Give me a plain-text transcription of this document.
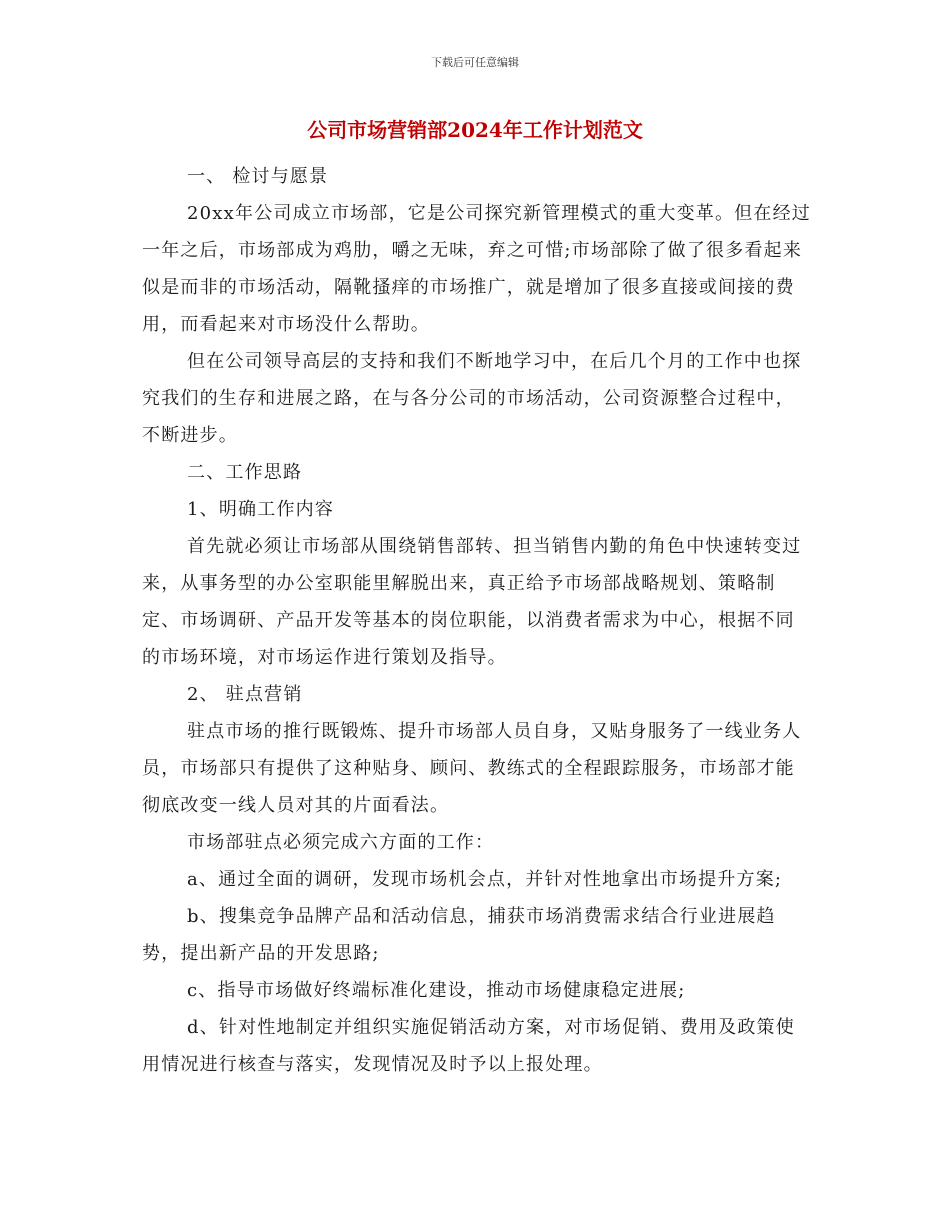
下载后可任意编辑
公司市场营销部2024年工作计划范文

一、 检讨与愿景

20xx年公司成立市场部，它是公司探究新管理模式的重大变革。但在经过一年之后，市场部成为鸡肋，嚼之无味，弃之可惜;市场部除了做了很多看起来似是而非的市场活动，隔靴搔痒的市场推广，就是增加了很多直接或间接的费用，而看起来对市场没什么帮助。

但在公司领导高层的支持和我们不断地学习中，在后几个月的工作中也探究我们的生存和进展之路，在与各分公司的市场活动，公司资源整合过程中，不断进步。

二、工作思路

1、明确工作内容

首先就必须让市场部从围绕销售部转、担当销售内勤的角色中快速转变过来，从事务型的办公室职能里解脱出来，真正给予市场部战略规划、策略制定、市场调研、产品开发等基本的岗位职能，以消费者需求为中心，根据不同的市场环境，对市场运作进行策划及指导。

2、 驻点营销

驻点市场的推行既锻炼、提升市场部人员自身，又贴身服务了一线业务人员，市场部只有提供了这种贴身、顾问、教练式的全程跟踪服务，市场部才能彻底改变一线人员对其的片面看法。

市场部驻点必须完成六方面的工作：

a、通过全面的调研，发现市场机会点，并针对性地拿出市场提升方案;

b、搜集竞争品牌产品和活动信息，捕获市场消费需求结合行业进展趋势，提出新产品的开发思路;

c、指导市场做好终端标准化建设，推动市场健康稳定进展;

d、针对性地制定并组织实施促销活动方案，对市场促销、费用及政策使用情况进行核查与落实，发现情况及时予以上报处理。
